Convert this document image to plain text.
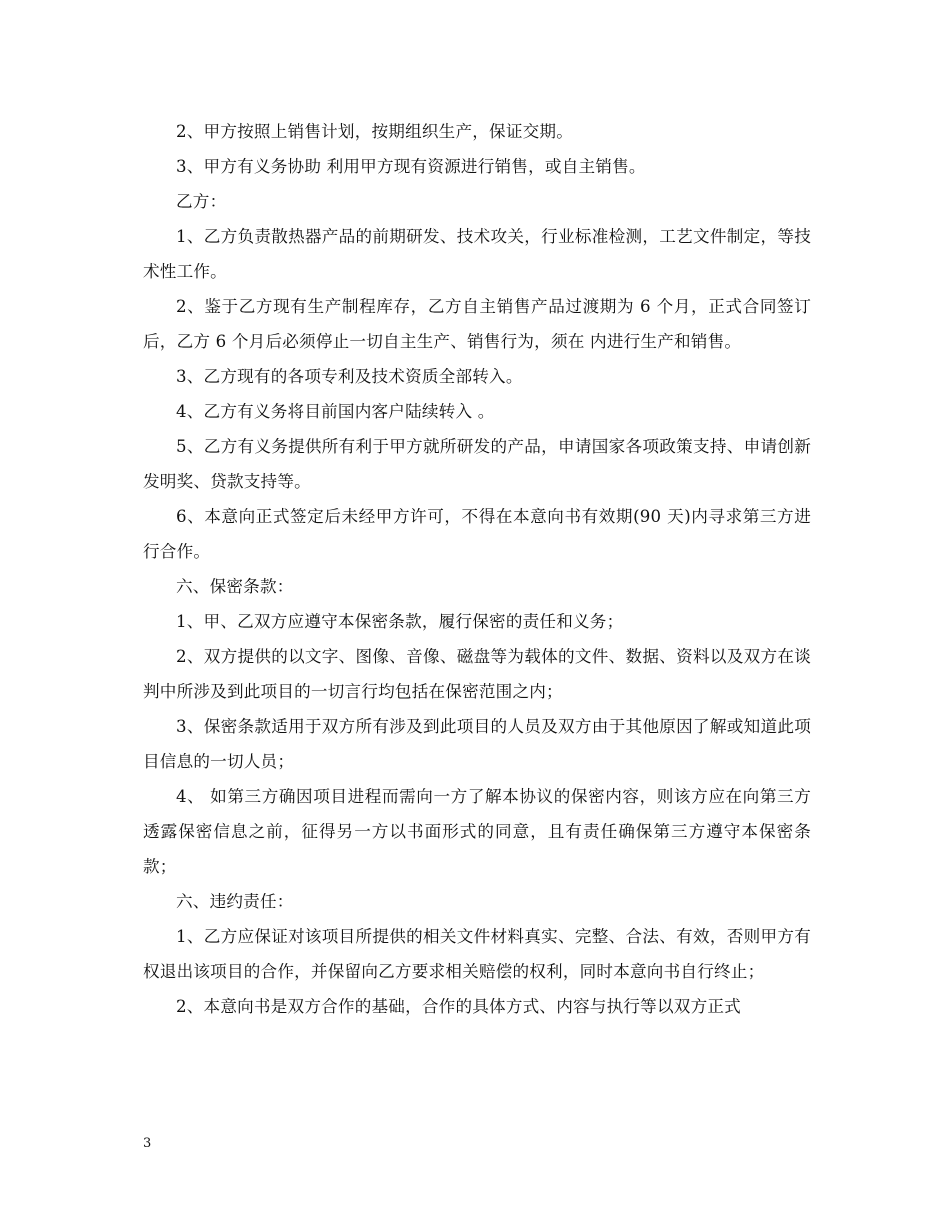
2、甲方按照上销售计划，按期组织生产，保证交期。

3、甲方有义务协助 利用甲方现有资源进行销售，或自主销售。

乙方：

1、乙方负责散热器产品的前期研发、技术攻关，行业标准检测，工艺文件制定，等技术性工作。

2、鉴于乙方现有生产制程库存，乙方自主销售产品过渡期为 6 个月，正式合同签订后，乙方 6 个月后必须停止一切自主生产、销售行为，须在 内进行生产和销售。

3、乙方现有的各项专利及技术资质全部转入。

4、乙方有义务将目前国内客户陆续转入 。

5、乙方有义务提供所有利于甲方就所研发的产品，申请国家各项政策支持、申请创新发明奖、贷款支持等。

6、本意向正式签定后未经甲方许可，不得在本意向书有效期(90 天)内寻求第三方进行合作。

六、保密条款：

1、甲、乙双方应遵守本保密条款，履行保密的责任和义务；

2、双方提供的以文字、图像、音像、磁盘等为载体的文件、数据、资料以及双方在谈判中所涉及到此项目的一切言行均包括在保密范围之内；

3、保密条款适用于双方所有涉及到此项目的人员及双方由于其他原因了解或知道此项目信息的一切人员；

4、 如第三方确因项目进程而需向一方了解本协议的保密内容，则该方应在向第三方透露保密信息之前，征得另一方以书面形式的同意，且有责任确保第三方遵守本保密条款；

六、违约责任：

1、乙方应保证对该项目所提供的相关文件材料真实、完整、合法、有效，否则甲方有权退出该项目的合作，并保留向乙方要求相关赔偿的权利，同时本意向书自行终止；

2、本意向书是双方合作的基础，合作的具体方式、内容与执行等以双方正式

3
